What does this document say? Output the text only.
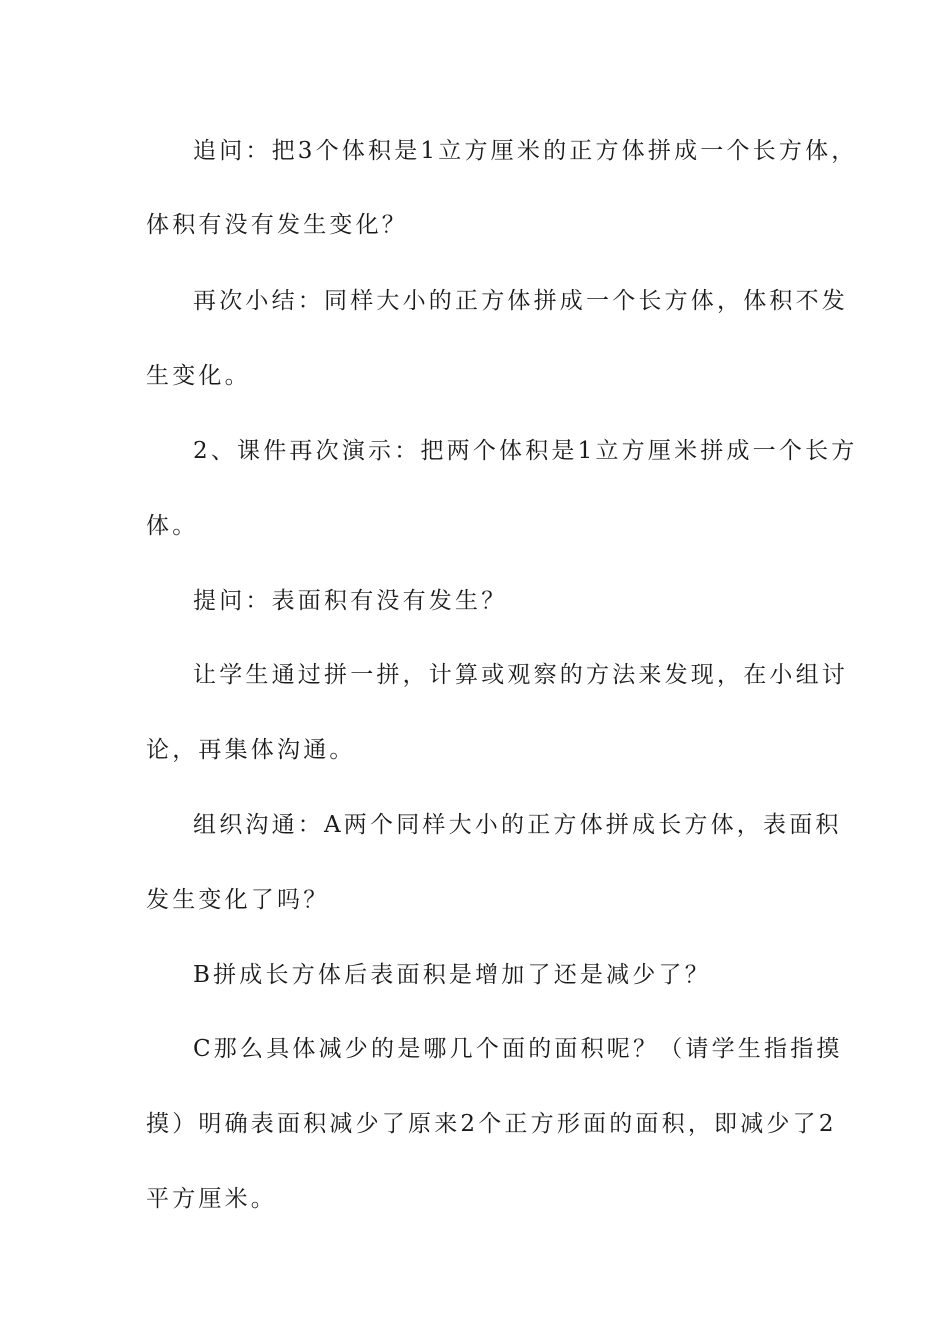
追问：把3个体积是1立方厘米的正方体拼成一个长方体，
体积有没有发生变化？
再次小结：同样大小的正方体拼成一个长方体，体积不发
生变化。
2、课件再次演示：把两个体积是1立方厘米拼成一个长方
体。
提问：表面积有没有发生？
让学生通过拼一拼，计算或观察的方法来发现，在小组讨
论，再集体沟通。
组织沟通：A两个同样大小的正方体拼成长方体，表面积
发生变化了吗？
B拼成长方体后表面积是增加了还是减少了？
C那么具体减少的是哪几个面的面积呢？（请学生指指摸
摸）明确表面积减少了原来2个正方形面的面积，即减少了2
平方厘米。
